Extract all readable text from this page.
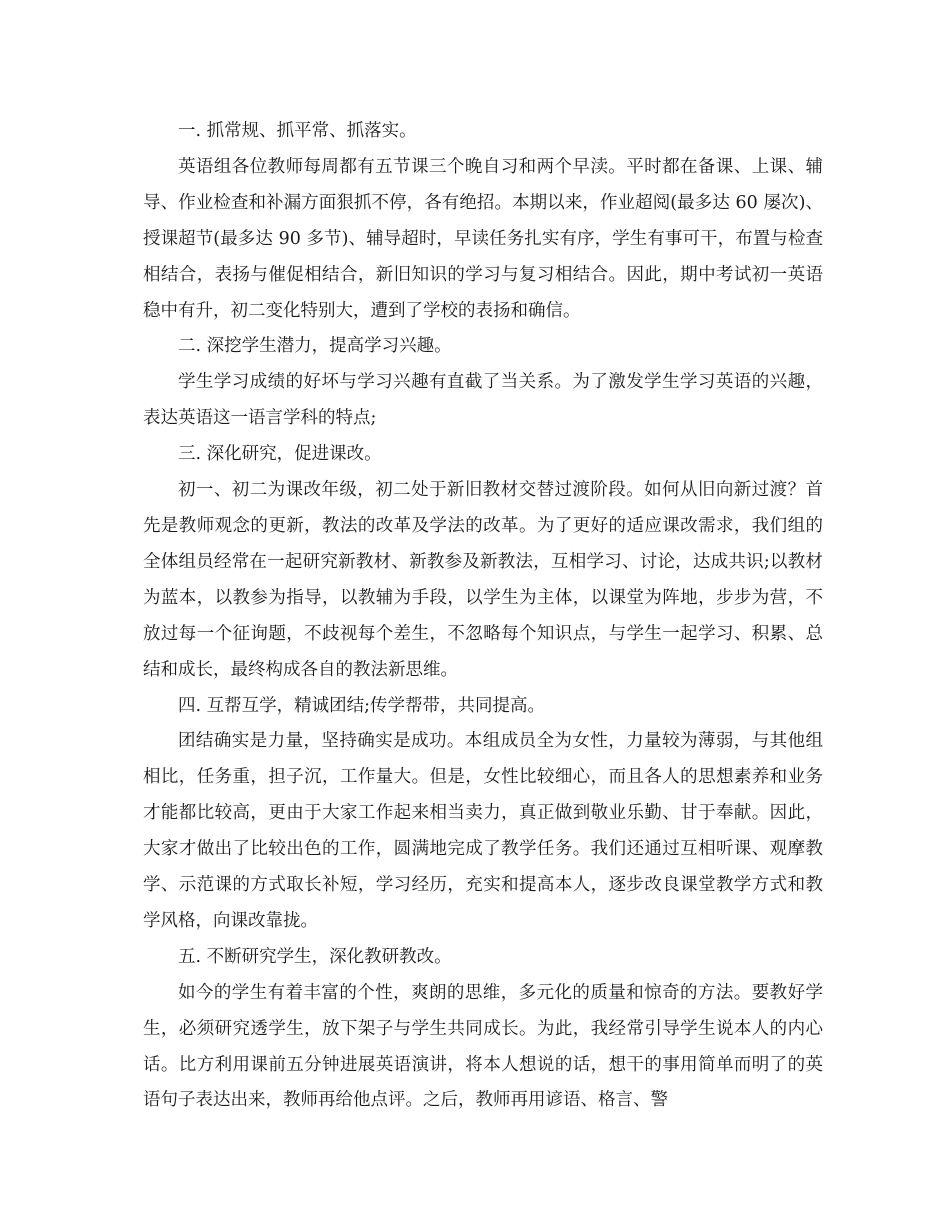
一. 抓常规、抓平常、抓落实。

英语组各位教师每周都有五节课三个晚自习和两个早渎。平时都在备课、上课、辅导、作业检查和补漏方面狠抓不停，各有绝招。本期以来，作业超阅(最多达 60 屡次)、授课超节(最多达 90 多节)、辅导超时，早读任务扎实有序，学生有事可干，布置与检查相结合，表扬与催促相结合，新旧知识的学习与复习相结合。因此，期中考试初一英语稳中有升，初二变化特别大，遭到了学校的表扬和确信。

二. 深挖学生潜力，提高学习兴趣。

学生学习成绩的好坏与学习兴趣有直截了当关系。为了激发学生学习英语的兴趣，表达英语这一语言学科的特点;

三. 深化研究，促进课改。

初一、初二为课改年级，初二处于新旧教材交替过渡阶段。如何从旧向新过渡？首先是教师观念的更新，教法的改革及学法的改革。为了更好的适应课改需求，我们组的全体组员经常在一起研究新教材、新教参及新教法，互相学习、讨论，达成共识;以教材为蓝本，以教参为指导，以教辅为手段，以学生为主体，以课堂为阵地，步步为营，不放过每一个征询题，不歧视每个差生，不忽略每个知识点，与学生一起学习、积累、总结和成长，最终构成各自的教法新思维。

四. 互帮互学，精诚团结;传学帮带，共同提高。

团结确实是力量，坚持确实是成功。本组成员全为女性，力量较为薄弱，与其他组相比，任务重，担子沉，工作量大。但是，女性比较细心，而且各人的思想素养和业务才能都比较高，更由于大家工作起来相当卖力，真正做到敬业乐勤、甘于奉献。因此，大家才做出了比较出色的工作，圆满地完成了教学任务。我们还通过互相听课、观摩教学、示范课的方式取长补短，学习经历，充实和提高本人，逐步改良课堂教学方式和教学风格，向课改靠拢。

五. 不断研究学生，深化教研教改。

如今的学生有着丰富的个性，爽朗的思维，多元化的质量和惊奇的方法。要教好学生，必须研究透学生，放下架子与学生共同成长。为此，我经常引导学生说本人的内心话。比方利用课前五分钟进展英语演讲，将本人想说的话，想干的事用简单而明了的英语句子表达出来，教师再给他点评。之后，教师再用谚语、格言、警
